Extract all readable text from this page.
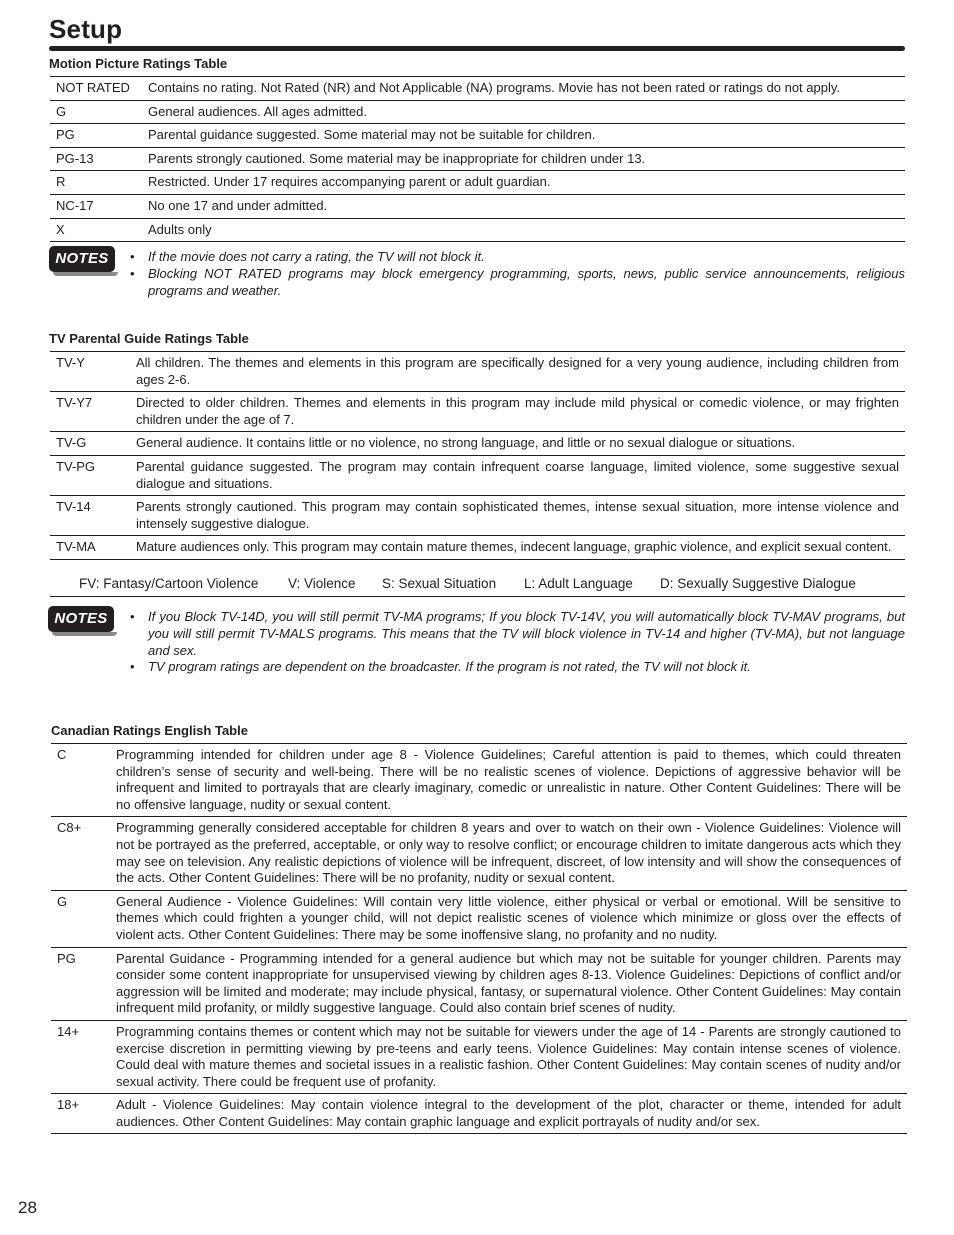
Setup

Motion Picture Ratings Table

NOT RATED	Contains no rating. Not Rated (NR) and Not Applicable (NA) programs. Movie has not been rated or ratings do not apply.
G	General audiences. All ages admitted.
PG	Parental guidance suggested. Some material may not be suitable for children.
PG-13	Parents strongly cautioned. Some material may be inappropriate for children under 13.
R	Restricted. Under 17 requires accompanying parent or adult guardian.
NC-17	No one 17 and under admitted.
X	Adults only
NOTES	• If the movie does not carry a rating, the TV will not block it.
• Blocking NOT RATED programs may block emergency programming, sports, news, public service announcements, religious programs and weather.

TV Parental Guide Ratings Table

TV-Y	All children. The themes and elements in this program are specifically designed for a very young audience, including children from ages 2-6.
TV-Y7	Directed to older children. Themes and elements in this program may include mild physical or comedic violence, or may frighten children under the age of 7.
TV-G	General audience. It contains little or no violence, no strong language, and little or no sexual dialogue or situations.
TV-PG	Parental guidance suggested. The program may contain infrequent coarse language, limited violence, some suggestive sexual dialogue and situations.
TV-14	Parents strongly cautioned. This program may contain sophisticated themes, intense sexual situation, more intense violence and intensely suggestive dialogue.
TV-MA	Mature audiences only. This program may contain mature themes, indecent language, graphic violence, and explicit sexual content.
FV: Fantasy/Cartoon Violence V: Violence S: Sexual Situation L: Adult Language D: Sexually Suggestive Dialogue
NOTES	• If you Block TV-14D, you will still permit TV-MA programs; If you block TV-14V, you will automatically block TV-MAV programs, but you will still permit TV-MALS programs. This means that the TV will block violence in TV-14 and higher (TV-MA), but not language and sex.
• TV program ratings are dependent on the broadcaster. If the program is not rated, the TV will not block it.

Canadian Ratings English Table

C	Programming intended for children under age 8 - Violence Guidelines; Careful attention is paid to themes, which could threaten children’s sense of security and well-being. There will be no realistic scenes of violence. Depictions of aggressive behavior will be infrequent and limited to portrayals that are clearly imaginary, comedic or unrealistic in nature. Other Content Guidelines: There will be no offensive language, nudity or sexual content.
C8+	Programming generally considered acceptable for children 8 years and over to watch on their own - Violence Guidelines: Violence will not be portrayed as the preferred, acceptable, or only way to resolve conflict; or encourage children to imitate dangerous acts which they may see on television. Any realistic depictions of violence will be infrequent, discreet, of low intensity and will show the consequences of the acts. Other Content Guidelines: There will be no profanity, nudity or sexual content.
G	General Audience - Violence Guidelines: Will contain very little violence, either physical or verbal or emotional. Will be sensitive to themes which could frighten a younger child, will not depict realistic scenes of violence which minimize or gloss over the effects of violent acts. Other Content Guidelines: There may be some inoffensive slang, no profanity and no nudity.
PG	Parental Guidance - Programming intended for a general audience but which may not be suitable for younger children. Parents may consider some content inappropriate for unsupervised viewing by children ages 8-13. Violence Guidelines: Depictions of conflict and/or aggression will be limited and moderate; may include physical, fantasy, or supernatural violence. Other Content Guidelines: May contain infrequent mild profanity, or mildly suggestive language. Could also contain brief scenes of nudity.
14+	Programming contains themes or content which may not be suitable for viewers under the age of 14 - Parents are strongly cautioned to exercise discretion in permitting viewing by pre-teens and early teens. Violence Guidelines: May contain intense scenes of violence. Could deal with mature themes and societal issues in a realistic fashion. Other Content Guidelines: May contain scenes of nudity and/or sexual activity. There could be frequent use of profanity.
18+	Adult - Violence Guidelines: May contain violence integral to the development of the plot, character or theme, intended for adult audiences. Other Content Guidelines: May contain graphic language and explicit portrayals of nudity and/or sex.
28
